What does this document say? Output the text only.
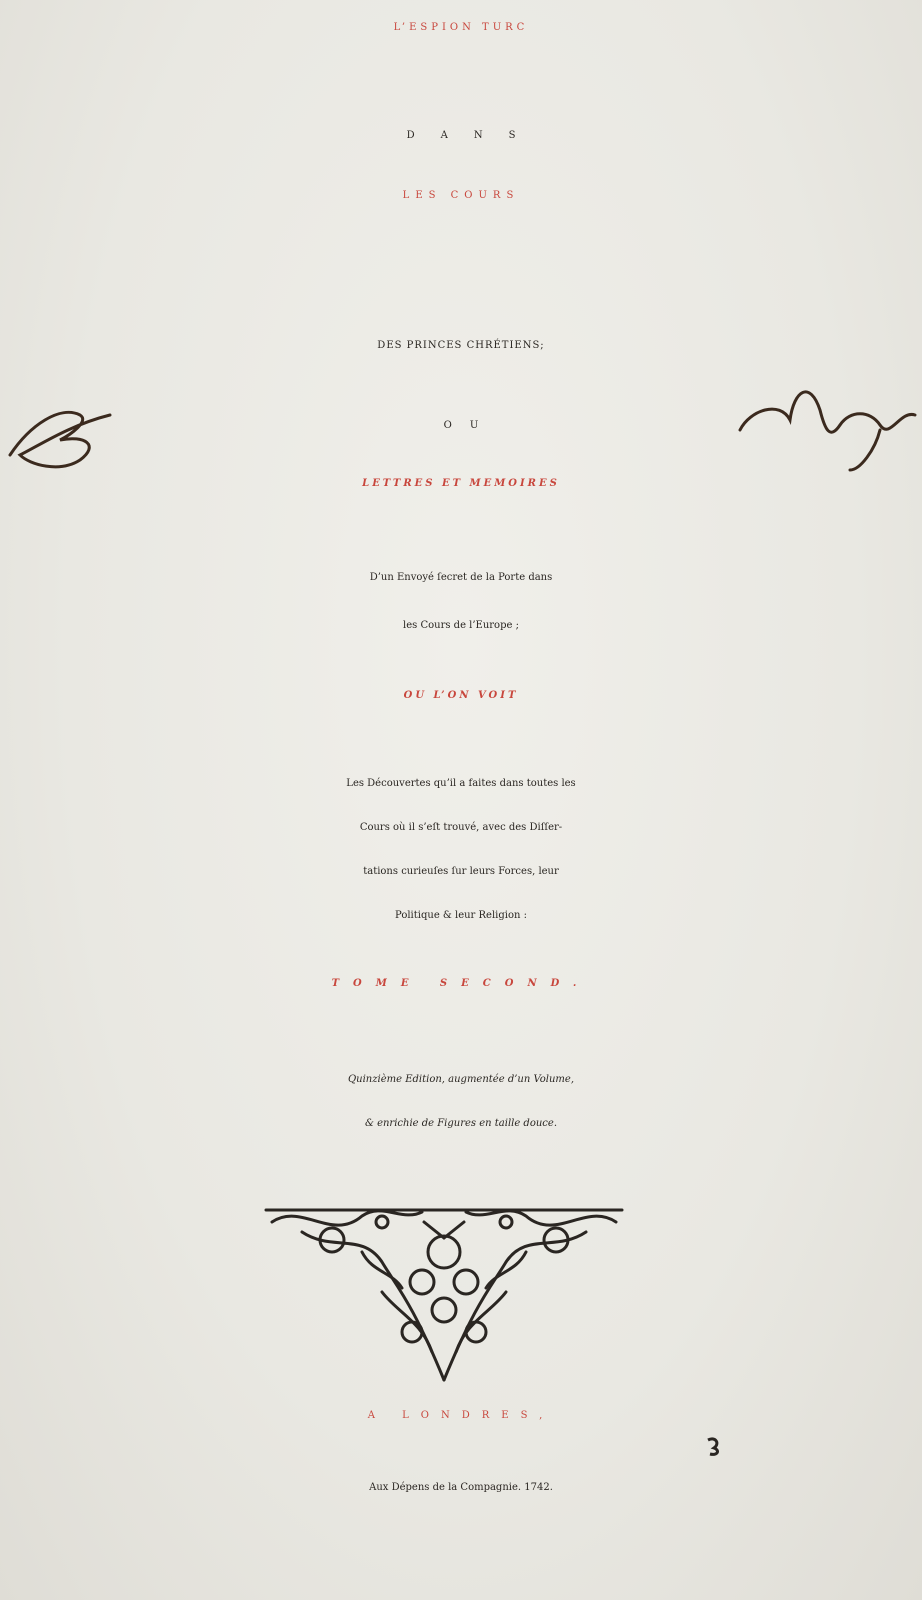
L’ESPION TURC
DANS
LES COURS
DES PRINCES CHRÉTIENS;
OU
LETTRES ET MEMOIRES
D’un Envoyé ſecret de la Porte dans
les Cours de l’Europe ;
OU L’ON VOIT
Les Découvertes qu’il a faites dans toutes les
Cours où il s’eſt trouvé, avec des Diſſer-
tations curieuſes ſur leurs Forces, leur
Politique & leur Religion :
TOME SECOND.
Quinzième Edition, augmentée d’un Volume,
& enrichie de Figures en taille douce.
A LONDRES,
Aux Dépens de la Compagnie. 1742.
